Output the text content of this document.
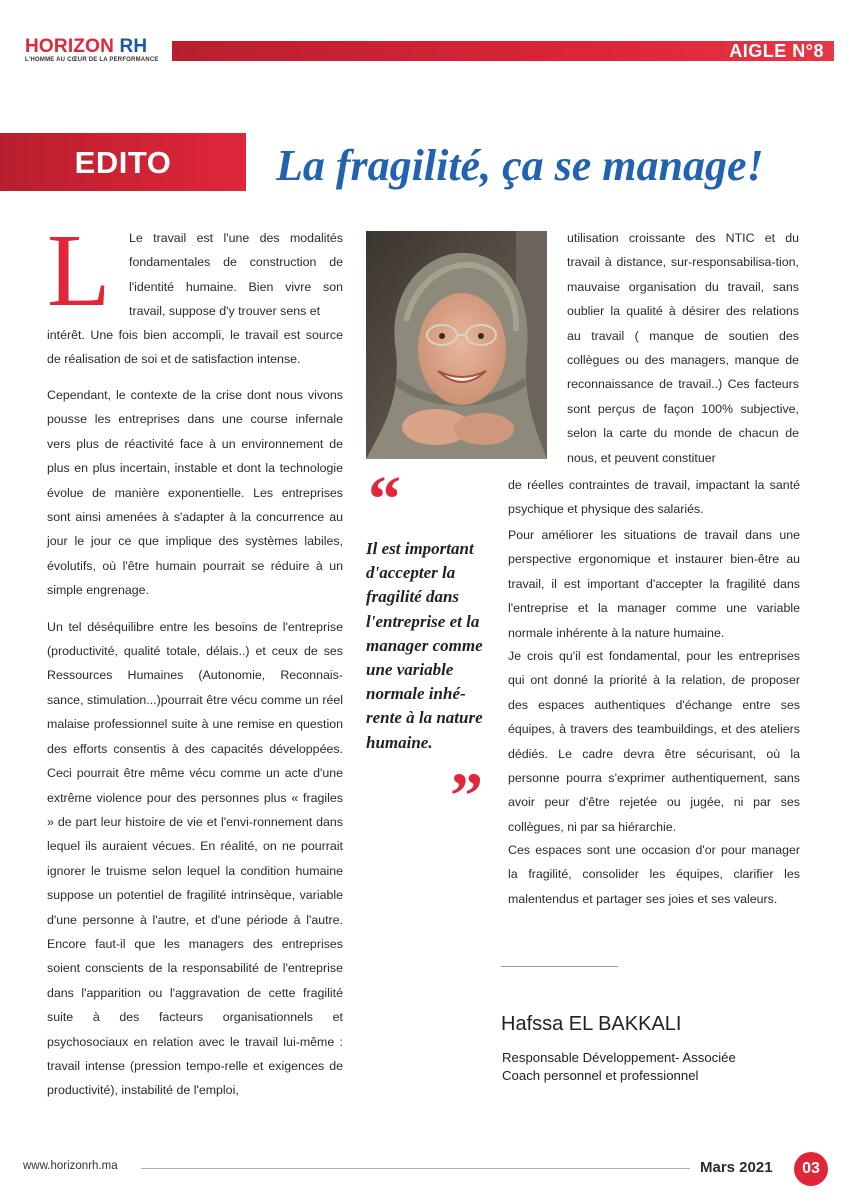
HORIZON RH
L'HOMME AU CŒUR DE LA PERFORMANCE	AIGLE N°8
EDITO	La fragilité, ça se manage!
L Le travail est l'une des modalités fondamentales de construction de l'identité humaine. Bien vivre son travail, suppose d'y trouver sens et

intérêt. Une fois bien accompli, le travail est source de réalisation de soi et de satisfaction intense.

Cependant, le contexte de la crise dont nous vivons pousse les entreprises dans une course infernale vers plus de réactivité face à un environnement de plus en plus incertain, instable et dont la technologie évolue de manière exponentielle. Les entreprises sont ainsi amenées à s'adapter à la concurrence au jour le jour ce que implique des systèmes labiles, évolutifs, où l'être humain pourrait se réduire à un simple engrenage.

Un tel déséquilibre entre les besoins de l'entreprise (productivité, qualité totale, délais..) et ceux de ses Ressources Humaines (Autonomie, Reconnais-sance, stimulation...)pourrait être vécu comme un réel malaise professionnel suite à une remise en question des efforts consentis à des capacités développées. Ceci pourrait être même vécu comme un acte d'une extrême violence pour des personnes plus « fragiles » de part leur histoire de vie et l'envi-ronnement dans lequel ils auraient vécues. En réalité, on ne pourrait ignorer le truisme selon lequel la condition humaine suppose un potentiel de fragilité intrinsèque, variable d'une personne à l'autre, et d'une période à l'autre. Encore faut-il que les managers des entreprises soient conscients de la responsabilité de l'entreprise dans l'apparition ou l'aggravation de cette fragilité suite à des facteurs organisationnels et psychosociaux en relation avec le travail lui-même : travail intense (pression tempo-relle et exigences de productivité), instabilité de l'emploi,

“
Il est important d'accepter la fragilité dans l'entreprise et la manager comme une variable normale inhé-rente à la nature humaine.
”

utilisation croissante des NTIC et du travail à distance, sur-responsabilisa-tion, mauvaise organisation du travail, sans oublier la qualité à désirer des relations au travail ( manque de soutien des collègues ou des managers, manque de reconnaissance de travail..) Ces facteurs sont perçus de façon 100% subjective, selon la carte du monde de chacun de nous, et peuvent constituer

de réelles contraintes de travail, impactant la santé psychique et physique des salariés.

Pour améliorer les situations de travail dans une perspective ergonomique et instaurer bien-être au travail, il est important d'accepter la fragilité dans l'entreprise et la manager comme une variable normale inhérente à la nature humaine.

Je crois qu'il est fondamental, pour les entreprises qui ont donné la priorité à la relation, de proposer des espaces authentiques d'échange entre ses équipes, à travers des teambuildings, et des ateliers dédiés. Le cadre devra être sécurisant, où la personne pourra s'exprimer authentiquement, sans avoir peur d'être rejetée ou jugée, ni par ses collègues, ni par sa hiérarchie.

Ces espaces sont une occasion d'or pour manager la fragilité, consolider les équipes, clarifier les malentendus et partager ses joies et ses valeurs.

Hafssa EL BAKKALI
Responsable Développement- Associée
Coach personnel et professionnel
www.horizonrh.ma	Mars 2021	03
